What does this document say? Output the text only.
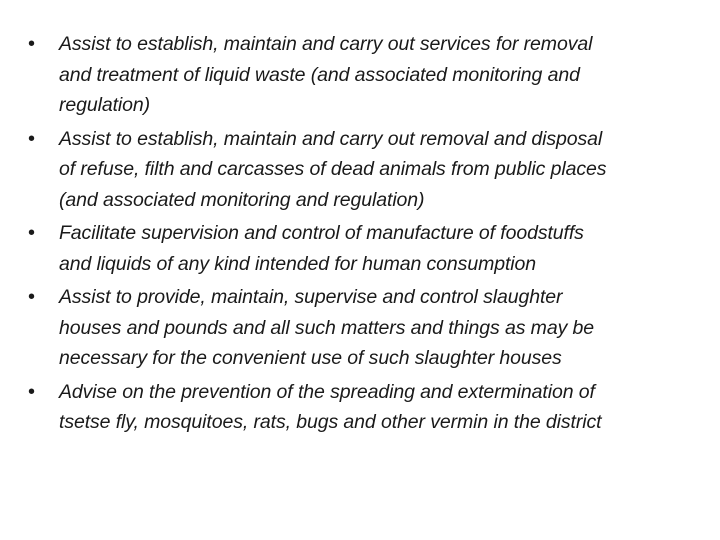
• Assist to establish, maintain and carry out services for removal
and treatment of liquid waste (and associated monitoring and
regulation)
• Assist to establish, maintain and carry out removal and disposal
of refuse, filth and carcasses of dead animals from public places
(and associated monitoring and regulation)
• Facilitate supervision and control of manufacture of foodstuffs
and liquids of any kind intended for human consumption
• Assist to provide, maintain, supervise and control slaughter
houses and pounds and all such matters and things as may be
necessary for the convenient use of such slaughter houses
• Advise on the prevention of the spreading and extermination of
tsetse fly, mosquitoes, rats, bugs and other vermin in the district
